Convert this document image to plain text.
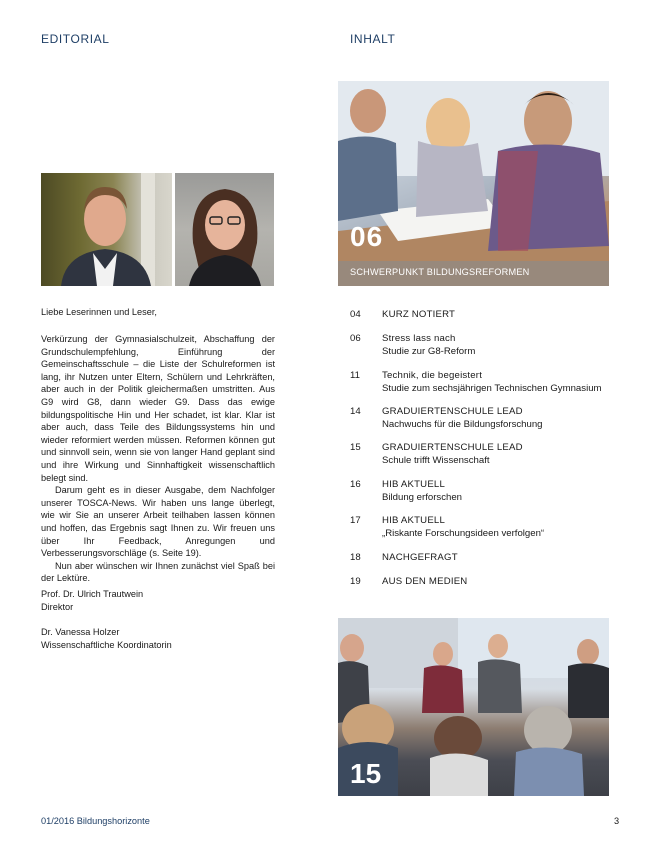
EDITORIAL	INHALT
Liebe Leserinnen und Leser,

Verkürzung der Gymnasialschulzeit, Abschaffung der Grundschulempfehlung, Einführung der Gemeinschaftsschule – die Liste der Schulreformen ist lang, ihr Nutzen unter Eltern, Schülern und Lehrkräften, aber auch in der Politik gleichermaßen umstritten. Aus G9 wird G8, dann wieder G9. Dass das ewige bildungspolitische Hin und Her schadet, ist klar. Klar ist aber auch, dass Teile des Bildungssystems hin und wieder reformiert werden müssen. Reformen können gut und sinnvoll sein, wenn sie von langer Hand geplant sind und ihre Wirkung und Sinnhaftigkeit wissenschaftlich belegt sind.

Darum geht es in dieser Ausgabe, dem Nachfolger unserer TOSCA-News. Wir haben uns lange überlegt, wie wir Sie an unserer Arbeit teilhaben lassen können und hoffen, das Ergebnis sagt Ihnen zu. Wir freuen uns über Ihr Feedback, Anregungen und Verbesserungsvorschläge (s. Seite 19).

Nun aber wünschen wir Ihnen zunächst viel Spaß bei der Lektüre.

Prof. Dr. Ulrich Trautwein
Direktor
Dr. Vanessa Holzer
Wissenschaftliche Koordinatorin
06
SCHWERPUNKT BILDUNGSREFORMEN
04 KURZ NOTIERT
06 Stress lass nach
Studie zur G8-Reform
11 Technik, die begeistert
Studie zum sechsjährigen Technischen Gymnasium
14 GRADUIERTENSCHULE LEAD
Nachwuchs für die Bildungsforschung
15 GRADUIERTENSCHULE LEAD
Schule trifft Wissenschaft
16 HIB AKTUELL
Bildung erforschen
17 HIB AKTUELL
„Riskante Forschungsideen verfolgen“
18 NACHGEFRAGT
19 AUS DEN MEDIEN
15
01/2016 Bildungshorizonte	3
